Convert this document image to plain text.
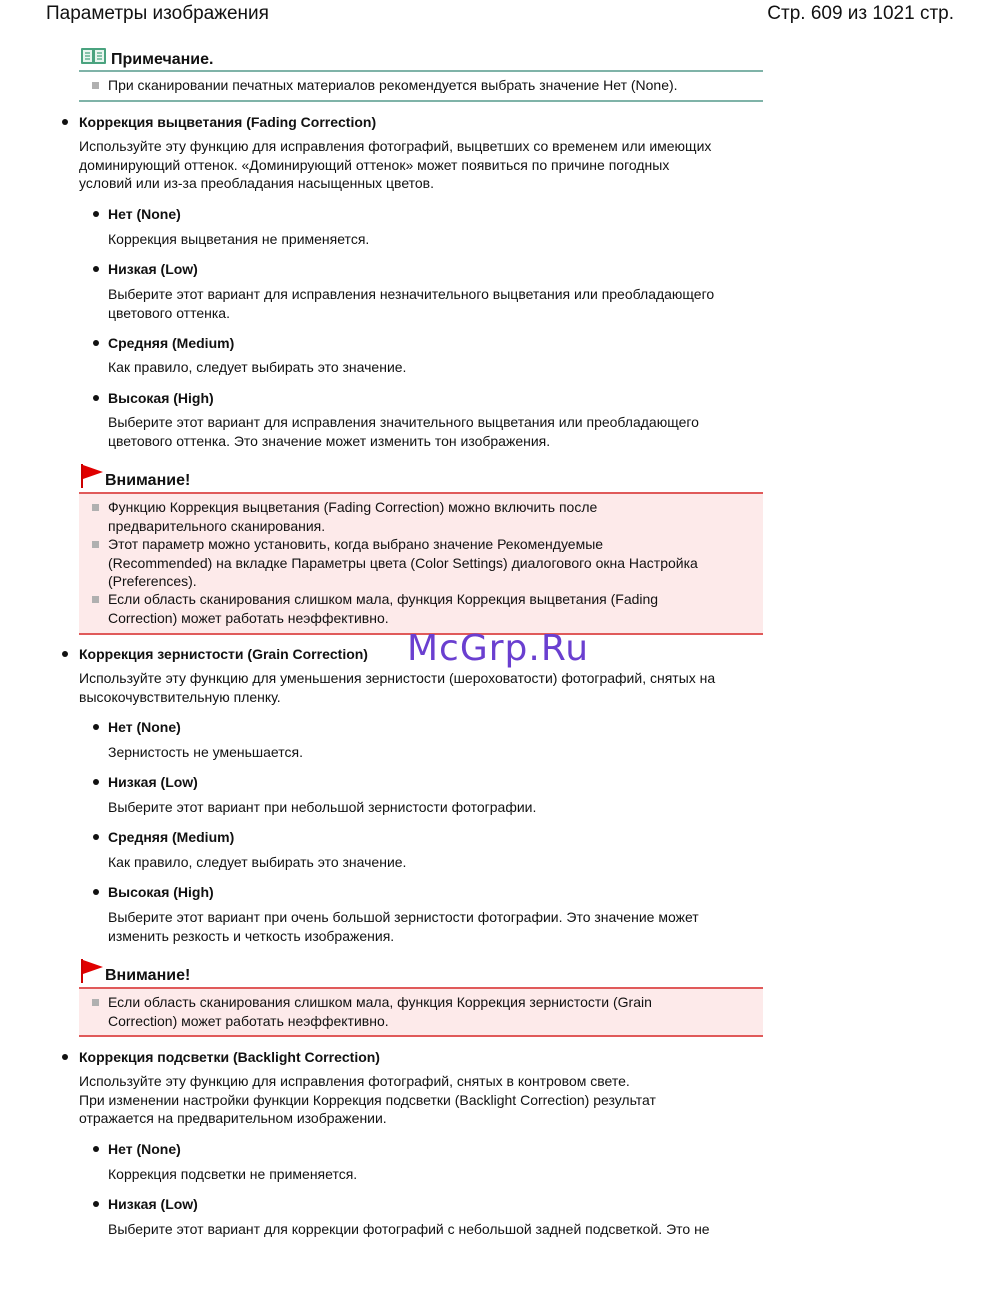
Параметры изображения	Стр. 609 из 1021 стр.
Примечание.
При сканировании печатных материалов рекомендуется выбрать значение Нет (None).
Коррекция выцветания (Fading Correction)
Используйте эту функцию для исправления фотографий, выцветших со временем или имеющих
доминирующий оттенок. «Доминирующий оттенок» может появиться по причине погодных
условий или из-за преобладания насыщенных цветов.
Нет (None)
Коррекция выцветания не применяется.
Низкая (Low)
Выберите этот вариант для исправления незначительного выцветания или преобладающего
цветового оттенка.
Средняя (Medium)
Как правило, следует выбирать это значение.
Высокая (High)
Выберите этот вариант для исправления значительного выцветания или преобладающего
цветового оттенка. Это значение может изменить тон изображения.
Внимание!
Функцию Коррекция выцветания (Fading Correction) можно включить после
предварительного сканирования.
Этот параметр можно установить, когда выбрано значение Рекомендуемые
(Recommended) на вкладке Параметры цвета (Color Settings) диалогового окна Настройка
(Preferences).
Если область сканирования слишком мала, функция Коррекция выцветания (Fading
Correction) может работать неэффективно.
Коррекция зернистости (Grain Correction) McGrp.Ru
Используйте эту функцию для уменьшения зернистости (шероховатости) фотографий, снятых на
высокочувствительную пленку.
Нет (None)
Зернистость не уменьшается.
Низкая (Low)
Выберите этот вариант при небольшой зернистости фотографии.
Средняя (Medium)
Как правило, следует выбирать это значение.
Высокая (High)
Выберите этот вариант при очень большой зернистости фотографии. Это значение может
изменить резкость и четкость изображения.
Внимание!
Если область сканирования слишком мала, функция Коррекция зернистости (Grain
Correction) может работать неэффективно.
Коррекция подсветки (Backlight Correction)
Используйте эту функцию для исправления фотографий, снятых в контровом свете.
При изменении настройки функции Коррекция подсветки (Backlight Correction) результат
отражается на предварительном изображении.
Нет (None)
Коррекция подсветки не применяется.
Низкая (Low)
Выберите этот вариант для коррекции фотографий с небольшой задней подсветкой. Это не
